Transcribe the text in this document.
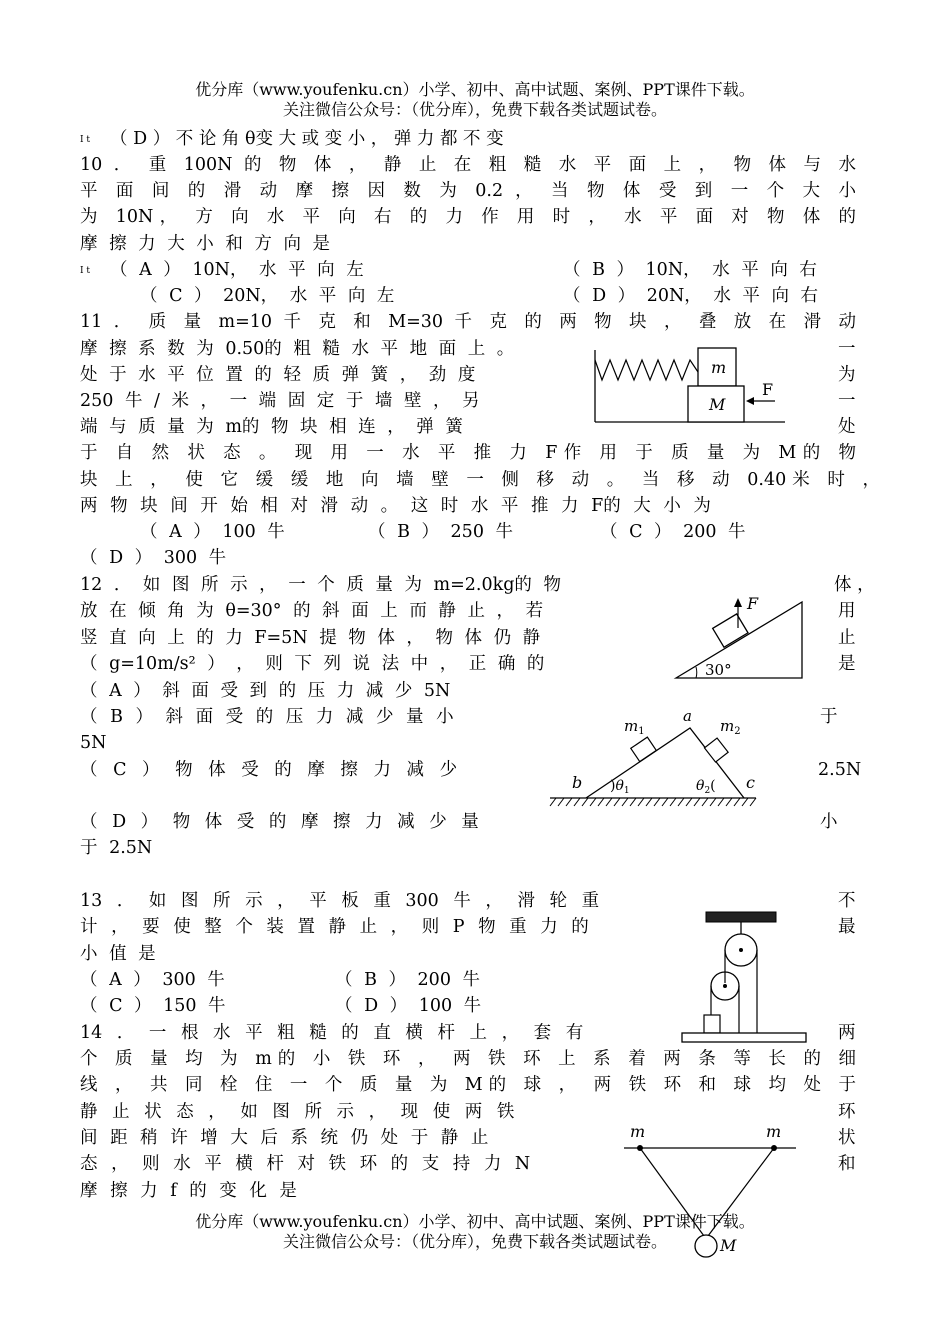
优分库（www.youfenku.cn）小学、初中、高中试题、案例、PPT课件下载。
关注微信公众号：（优分库），免费下载各类试题试卷。
I t （ D ） 不 论 角 θ变 大 或 变 小 ， 弹 力 都 不 变
10 ． 重 100N 的 物 体 ， 静 止 在 粗 糙 水 平 面 上 ， 物 体 与 水
平 面 间 的 滑 动 摩 擦 因 数 为 0.2 ， 当 物 体 受 到 一 个 大 小
为 10N， 方 向 水 平 向 右 的 力 作 用 时 ， 水 平 面 对 物 体 的
摩 擦 力 大 小 和 方 向 是
I t （ A ） 10N， 水 平 向 左	（ B ） 10N， 水 平 向 右
（ C ） 20N， 水 平 向 左	（ D ） 20N， 水 平 向 右
11 ． 质 量 m=10 千 克 和 M=30 千 克 的 两 物 块 ， 叠 放 在 滑 动
摩 擦 系 数 为 0.50的 粗 糙 水 平 地 面 上 。	一
处 于 水 平 位 置 的 轻 质 弹 簧 ， 劲 度	为
250 牛 / 米 ， 一 端 固 定 于 墙 壁 ， 另	一
端 与 质 量 为 m的 物 块 相 连 ， 弹 簧	处
于 自 然 状 态 。 现 用 一 水 平 推 力 F作 用 于 质 量 为 M的 物
块 上 ， 使 它 缓 缓 地 向 墙 壁 一 侧 移 动 。 当 移 动 0.40米 时 ，
两 物 块 间 开 始 相 对 滑 动 。 这 时 水 平 推 力 F的 大 小 为
（ A ） 100 牛	（ B ） 250 牛	（ C ） 200 牛
（ D ） 300 牛
m
M
F
12 ． 如 图 所 示 ， 一 个 质 量 为 m=2.0kg的 物	体 ，
放 在 倾 角 为 θ=30° 的 斜 面 上 而 静 止 ， 若	用
竖 直 向 上 的 力 F=5N 提 物 体 ， 物 体 仍 静	止
（ g=10m/s² ） ， 则 下 列 说 法 中 ， 正 确 的	是
（ A ） 斜 面 受 到 的 压 力 减 少 5N
（ B ） 斜 面 受 的 压 力 减 少 量 小	于
5N
（ C ） 物 体 受 的 摩 擦 力 减 少	2.5N
（ D ） 物 体 受 的 摩 擦 力 减 少 量	小
于 2.5N
F
30°
$m_1$
a
$m_2$
b )$\theta_1$	$\theta_2$( c
13 ． 如 图 所 示 ， 平 板 重 300 牛 ， 滑 轮 重	不
计 ， 要 使 整 个 装 置 静 止 ， 则 P 物 重 力 的	最
小 值 是
（ A ） 300 牛	（ B ） 200 牛
（ C ） 150 牛	（ D ） 100 牛
14 ． 一 根 水 平 粗 糙 的 直 横 杆 上 ， 套 有	两
个 质 量 均 为 m的 小 铁 环 ， 两 铁 环 上 系 着 两 条 等 长 的 细
线 ， 共 同 栓 住 一 个 质 量 为 M的 球 ， 两 铁 环 和 球 均 处 于
静 止 状 态 ， 如 图 所 示 ， 现 使 两 铁	环
间 距 稍 许 增 大 后 系 统 仍 处 于 静 止	状
态 ， 则 水 平 横 杆 对 铁 环 的 支 持 力 N	和
摩 擦 力 f 的 变 化 是
m	m
M
优分库（www.youfenku.cn）小学、初中、高中试题、案例、PPT课件下载。
关注微信公众号：（优分库），免费下载各类试题试卷。
